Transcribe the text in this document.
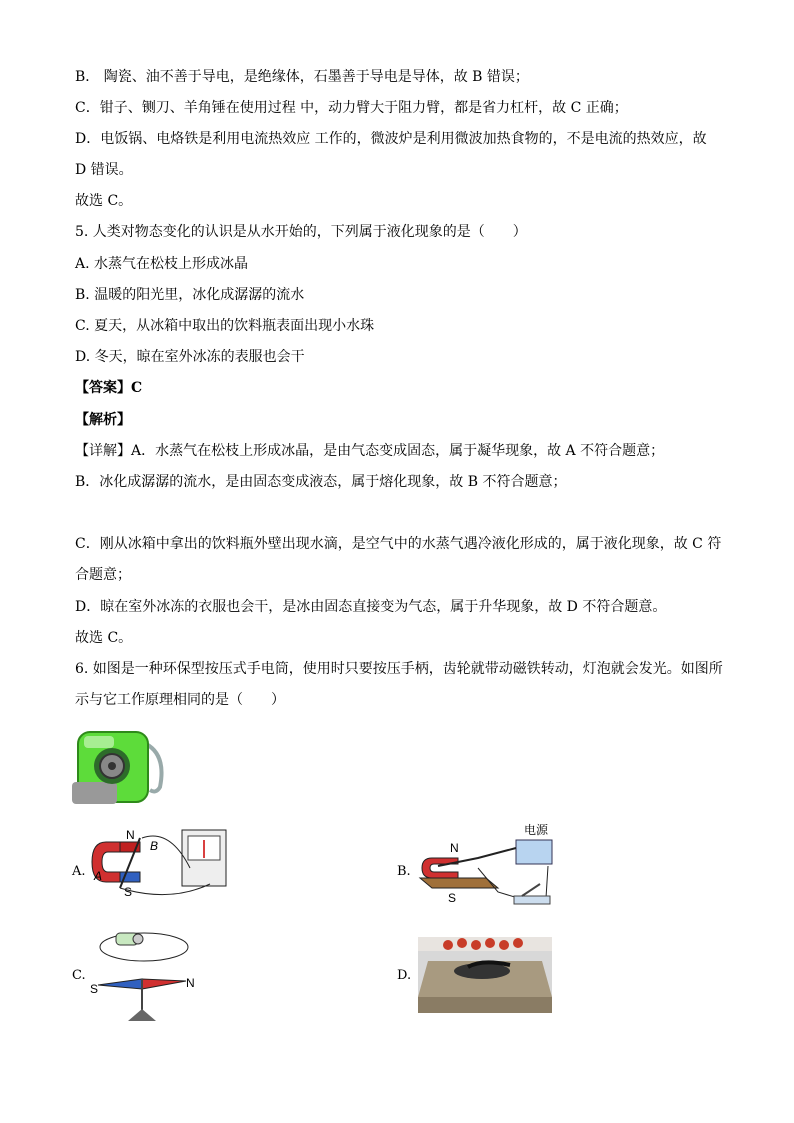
B． 陶瓷、油不善于导电，是绝缘体，石墨善于导电是导体，故 B 错误；
C．钳子、铡刀、羊角锤在使用过程 中，动力臂大于阻力臂，都是省力杠杆，故 C 正确；
D．电饭锅、电烙铁是利用电流热效应 工作的，微波炉是利用微波加热食物的，不是电流的热效应，故
D 错误。
故选 C。
5. 人类对物态变化的认识是从水开始的，下列属于液化现象的是（　　）
A. 水蒸气在松枝上形成冰晶
B. 温暖的阳光里，冰化成潺潺的流水
C. 夏天，从冰箱中取出的饮料瓶表面出现小水珠
D. 冬天，晾在室外冰冻的表服也会干
【答案】C
【解析】
【详解】A．水蒸气在松枝上形成冰晶，是由气态变成固态，属于凝华现象，故 A 不符合题意；
B．冰化成潺潺的流水，是由固态变成液态，属于熔化现象，故 B 不符合题意；
C．刚从冰箱中拿出的饮料瓶外壁出现水滴，是空气中的水蒸气遇冷液化形成的，属于液化现象，故 C 符
合题意；
D．晾在室外冰冻的衣服也会干，是冰由固态直接变为气态，属于升华现象，故 D 不符合题意。
故选 C。
6. 如图是一种环保型按压式手电筒，使用时只要按压手柄，齿轮就带动磁铁转动，灯泡就会发光。如图所
示与它工作原理相同的是（　　）
A.
N
S
A
B
B.
电源
N
S
C.
S	N	D.
